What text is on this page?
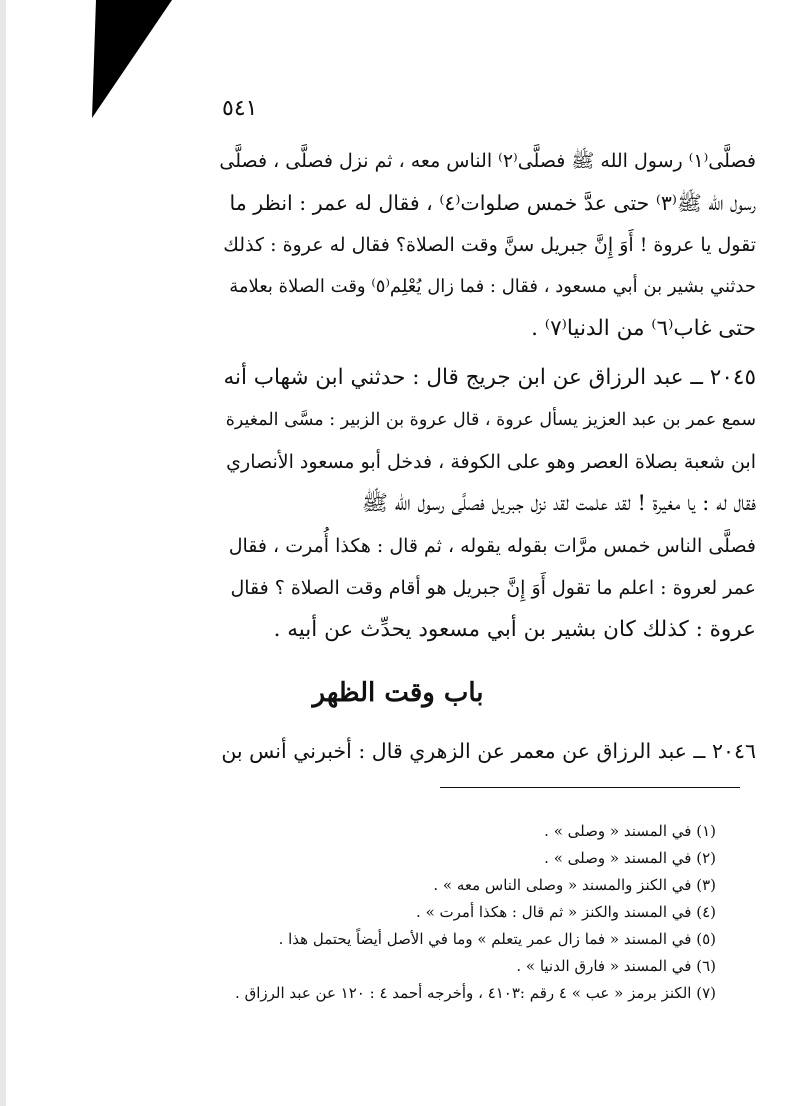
٥٤١
فصلَّى⁽١⁾ رسول الله ﷺ فصلَّى⁽٢⁾ الناس معه ، ثم نزل فصلَّى ، فصلَّى
رسول الله ﷺ⁽٣⁾ حتى عدَّ خمس صلوات⁽٤⁾ ، فقال له عمر : انظر ما
تقول يا عروة ! أَوَ إِنَّ جبريل سنَّ وقت الصلاة؟ فقال له عروة : كذلك
حدثني بشير بن أبي مسعود ، فقال : فما زال يُعْلِم⁽٥⁾ وقت الصلاة بعلامة
حتى غاب⁽٦⁾ من الدنيا⁽٧⁾ .
٢٠٤٥ ــ عبد الرزاق عن ابن جريج قال : حدثني ابن شهاب أنه
سمع عمر بن عبد العزيز يسأل عروة ، قال عروة بن الزبير : مسَّى المغيرة
ابن شعبة بصلاة العصر وهو على الكوفة ، فدخل أبو مسعود الأنصاري
فقال له : يا مغيرة ! لقد علمت لقد نزل جبريل فصلَّى رسول الله ﷺ
فصلَّى الناس خمس مرَّات بقوله يقوله ، ثم قال : هكذا أُمرت ، فقال
عمر لعروة : اعلم ما تقول أَوَ إِنَّ جبريل هو أقام وقت الصلاة ؟ فقال
عروة : كذلك كان بشير بن أبي مسعود يحدِّث عن أبيه .
باب وقت الظهر
٢٠٤٦ ــ عبد الرزاق عن معمر عن الزهري قال : أخبرني أنس بن
(١) في المسند « وصلى » .
(٢) في المسند « وصلى » .
(٣) في الكنز والمسند « وصلى الناس معه » .
(٤) في المسند والكنز « ثم قال : هكذا أمرت » .
(٥) في المسند « فما زال عمر يتعلم » وما في الأصل أيضاً يحتمل هذا .
(٦) في المسند « فارق الدنيا » .
(٧) الكنز برمز « عب » ٤ رقم :٤١٠٣ ، وأخرجه أحمد ٤ : ١٢٠ عن عبد الرزاق .
